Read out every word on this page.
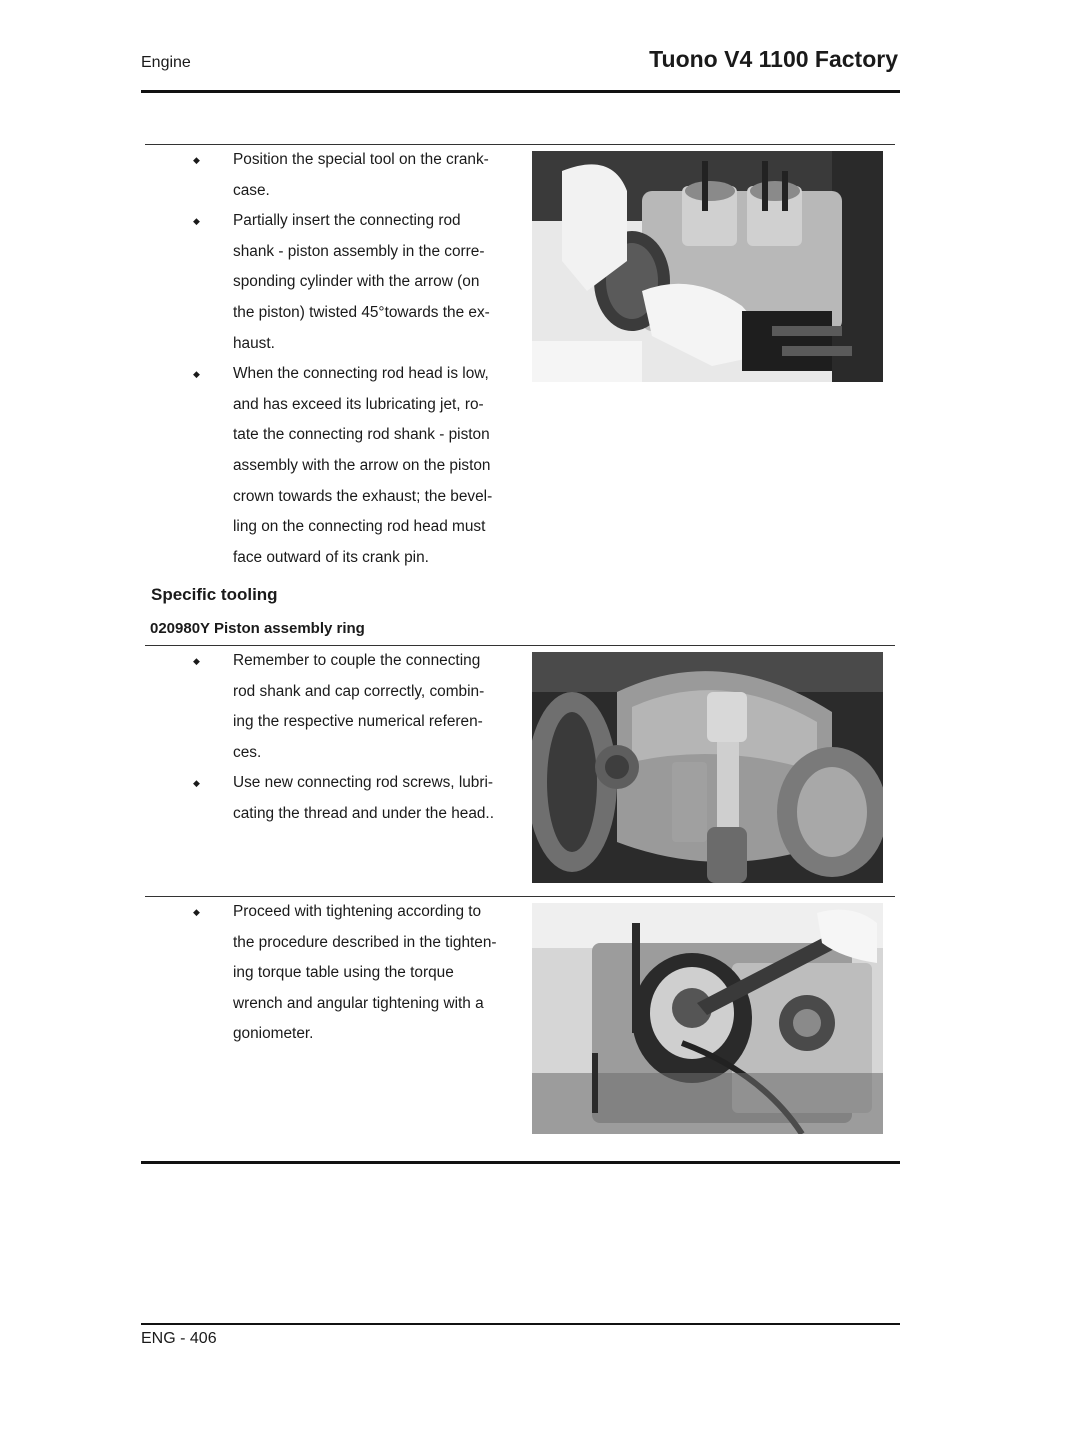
Engine	Tuono V4 1100 Factory
◆ Position the special tool on the crank-
case.
◆ Partially insert the connecting rod
shank - piston assembly in the corre-
sponding cylinder with the arrow (on
the piston) twisted 45°towards the ex-
haust.
◆ When the connecting rod head is low,
and has exceed its lubricating jet, ro-
tate the connecting rod shank - piston
assembly with the arrow on the piston
crown towards the exhaust; the bevel-
ling on the connecting rod head must
face outward of its crank pin.
Specific tooling
020980Y Piston assembly ring
◆ Remember to couple the connecting
rod shank and cap correctly, combin-
ing the respective numerical referen-
ces.
◆ Use new connecting rod screws, lubri-
cating the thread and under the head..
◆ Proceed with tightening according to
the procedure described in the tighten-
ing torque table using the torque
wrench and angular tightening with a
goniometer.
ENG - 406
